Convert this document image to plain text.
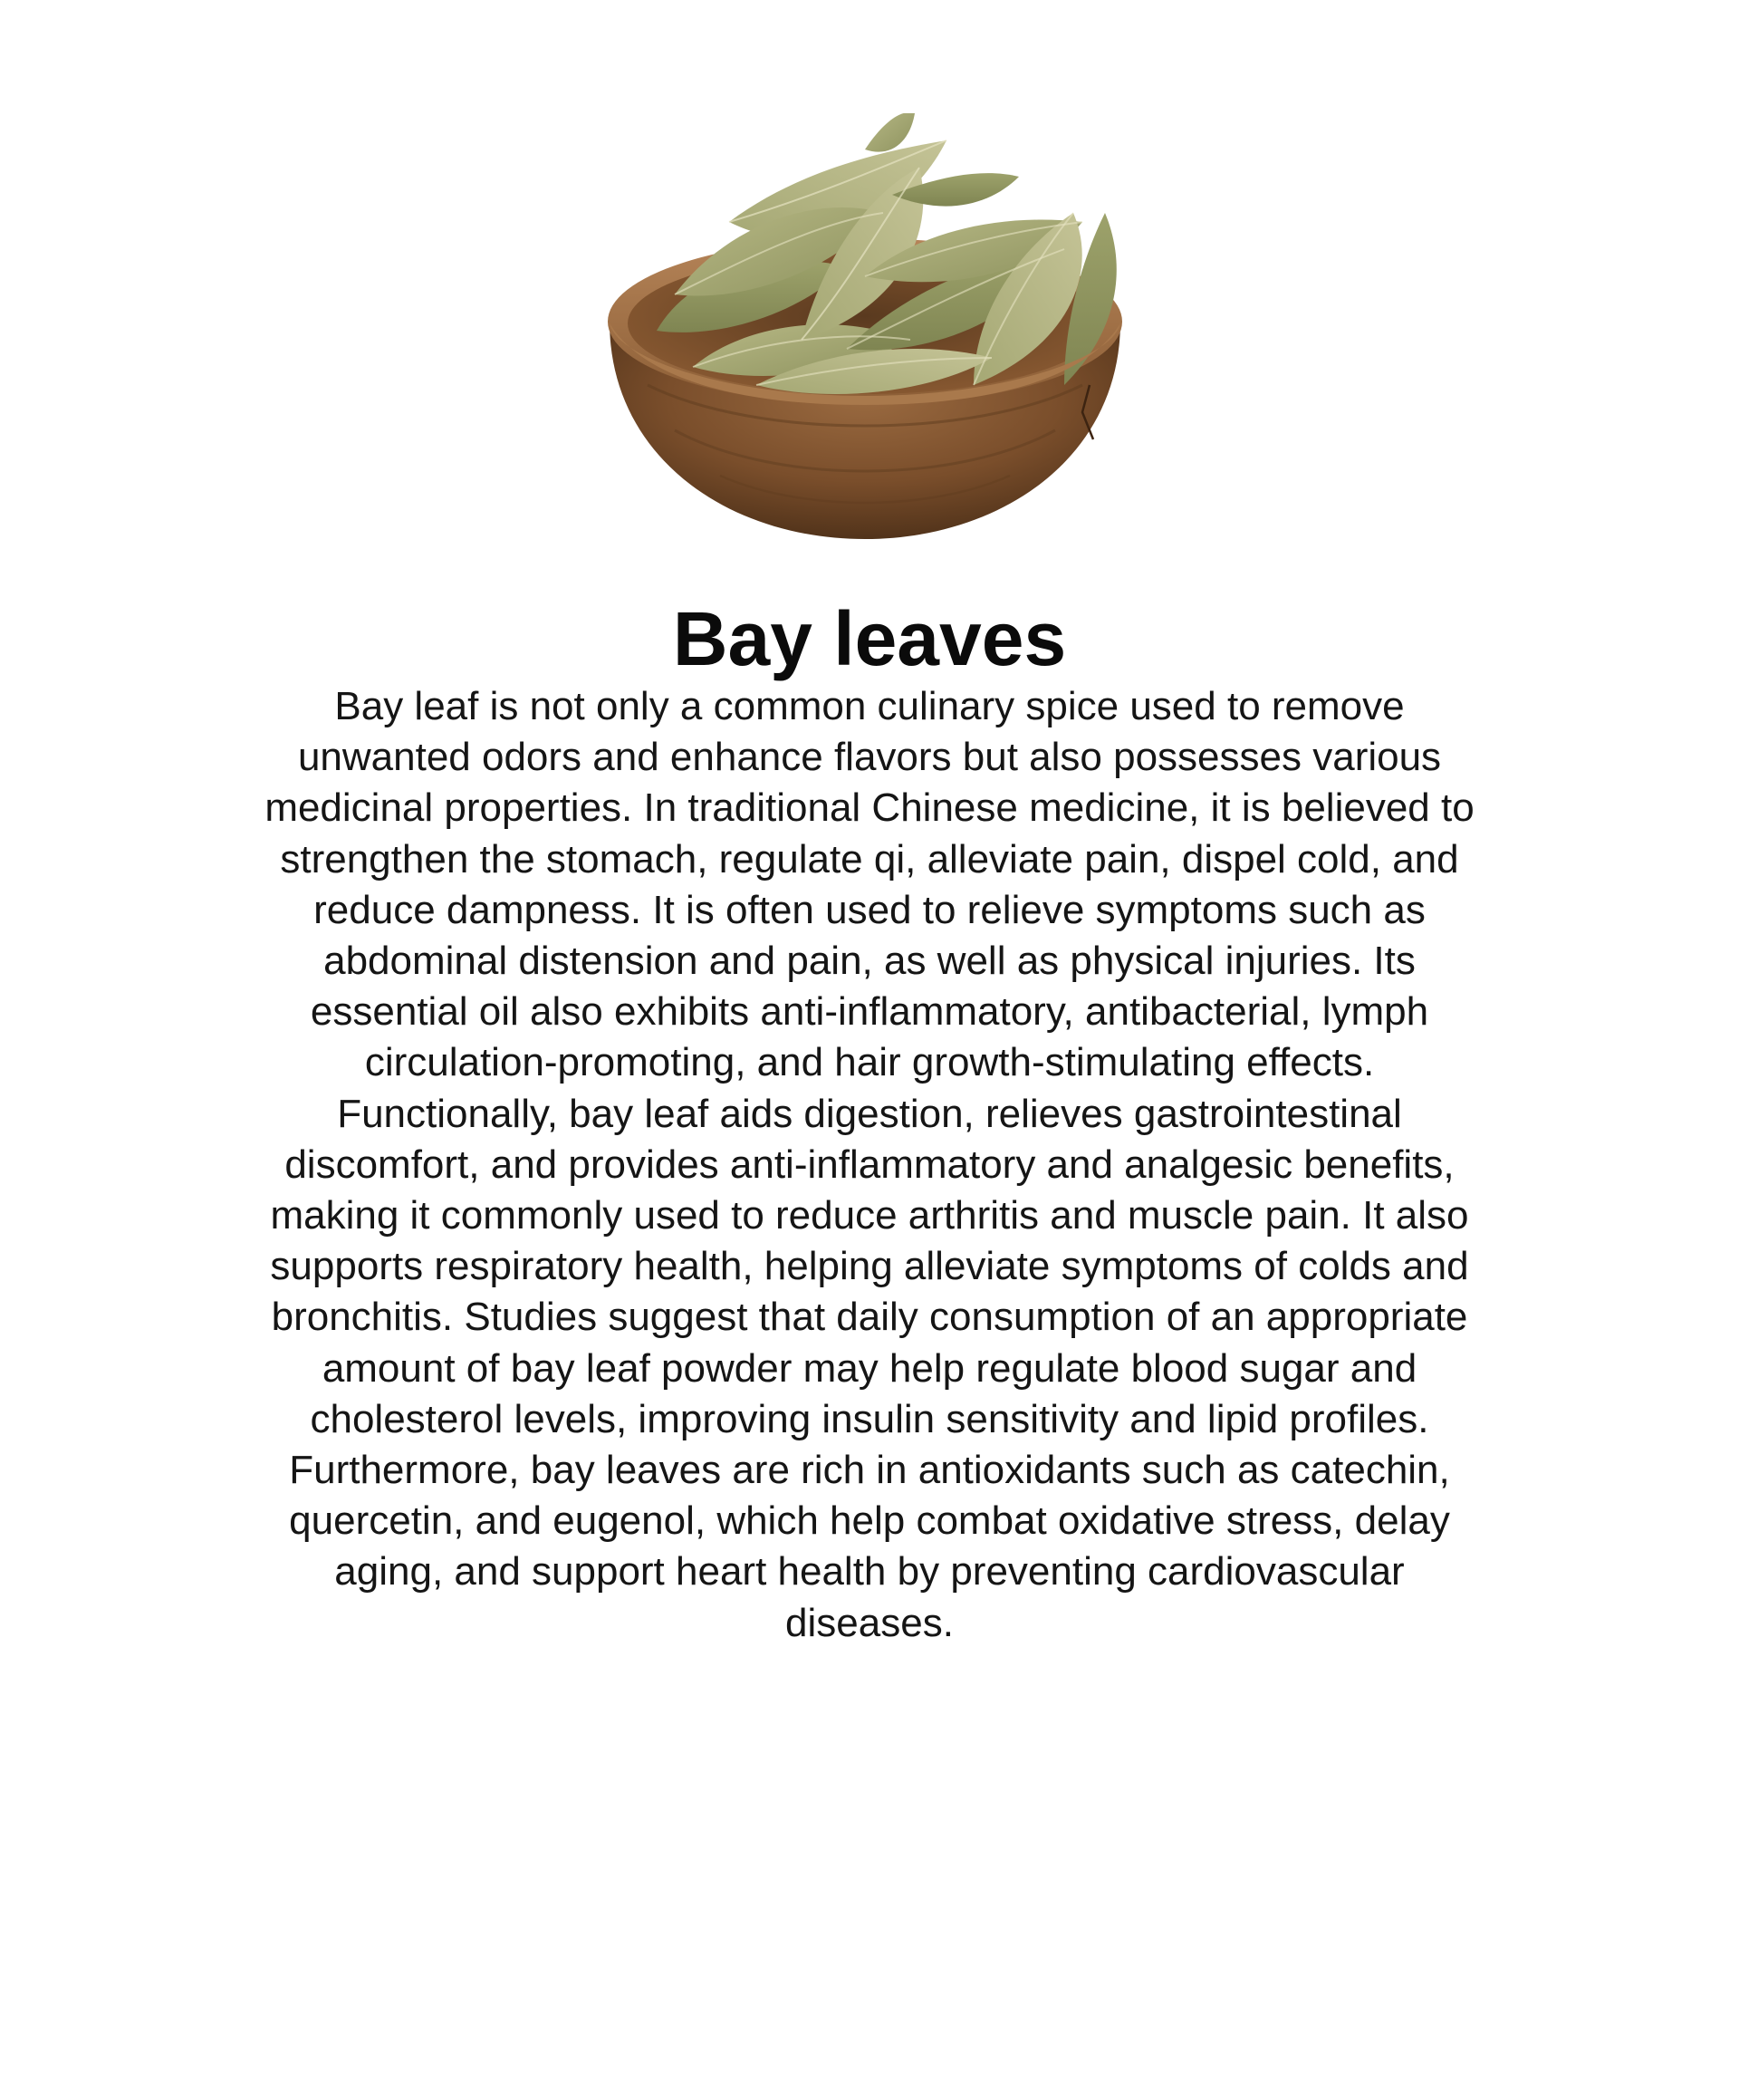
Bay leaves

Bay leaf is not only a common culinary spice used to remove unwanted odors and enhance flavors but also possesses various medicinal properties. In traditional Chinese medicine, it is believed to strengthen the stomach, regulate qi, alleviate pain, dispel cold, and reduce dampness. It is often used to relieve symptoms such as abdominal distension and pain, as well as physical injuries. Its essential oil also exhibits anti-inflammatory, antibacterial, lymph circulation-promoting, and hair growth-stimulating effects. Functionally, bay leaf aids digestion, relieves gastrointestinal discomfort, and provides anti-inflammatory and analgesic benefits, making it commonly used to reduce arthritis and muscle pain. It also supports respiratory health, helping alleviate symptoms of colds and bronchitis. Studies suggest that daily consumption of an appropriate amount of bay leaf powder may help regulate blood sugar and cholesterol levels, improving insulin sensitivity and lipid profiles. Furthermore, bay leaves are rich in antioxidants such as catechin, quercetin, and eugenol, which help combat oxidative stress, delay aging, and support heart health by preventing cardiovascular diseases.
